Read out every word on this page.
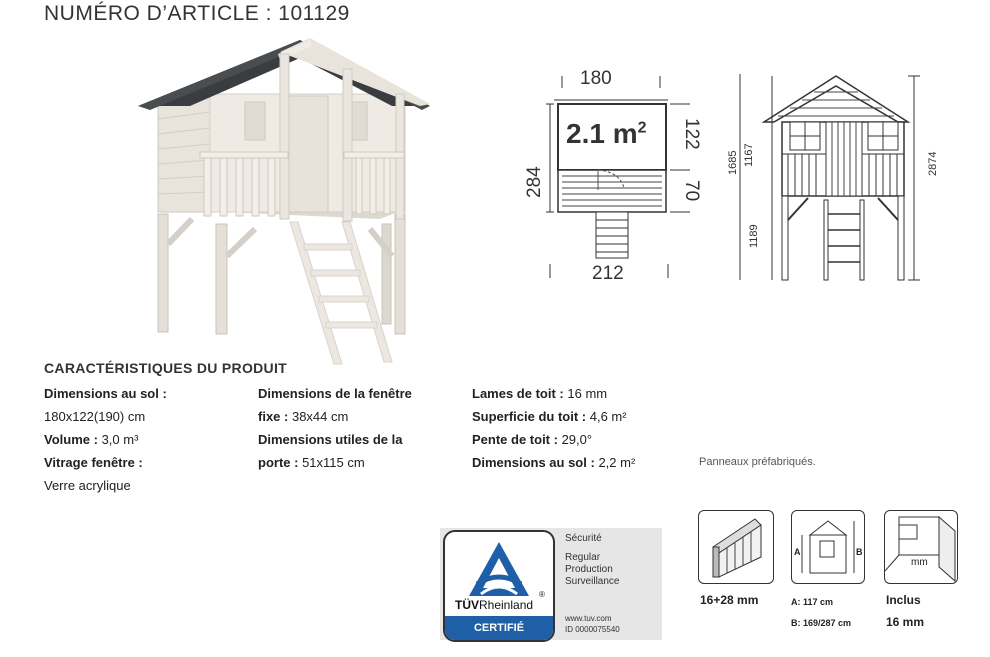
NUMÉRO D’ARTICLE : 101129
180
2.1 $m^2$ 122
70
284
212
1685 1167
1189
2874
CARACTÉRISTIQUES DU PRODUIT
Dimensions au sol :
180x122(190) cm
Volume : 3,0 m³
Vitrage fenêtre :
Verre acrylique
Dimensions de la fenêtre
fixe : 38x44 cm
Dimensions utiles de la
porte : 51x115 cm
Lames de toit : 16 mm
Superficie du toit : 4,6 m²
Pente de toit : 29,0°
Dimensions au sol : 2,2 m²	Panneaux préfabriqués.
TÜVRheinland
®
CERTIFIÉ
Sécurité
Regular
Production
Surveillance
www.tuv.com
ID 0000075540
16+28 mm
A	B
A: 117 cm
B: 169/287 cm
mm
Inclus
16 mm
